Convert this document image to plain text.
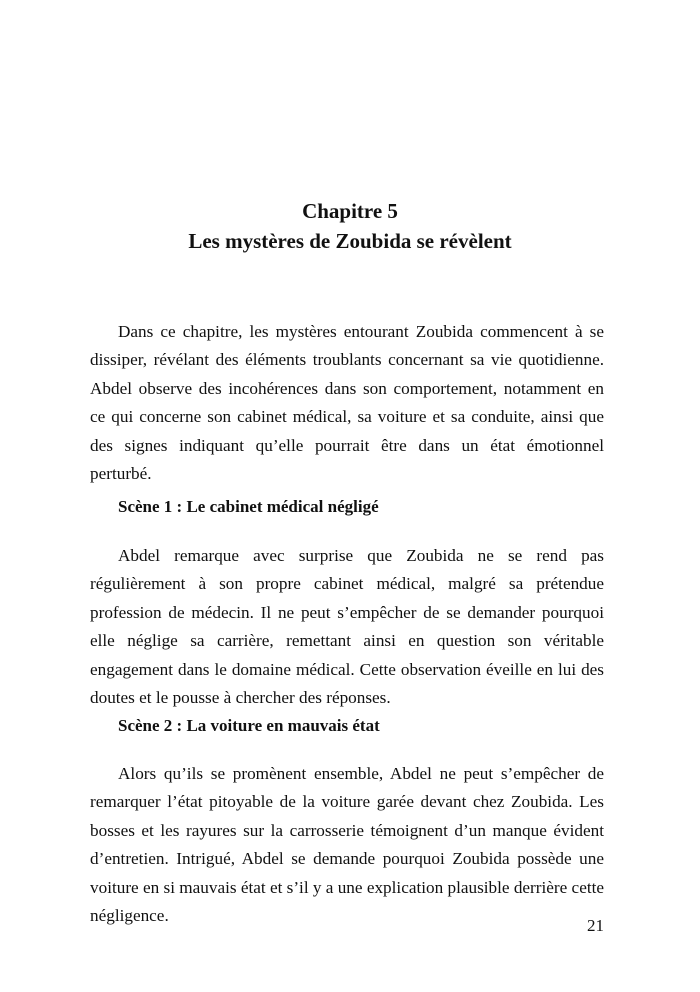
Chapitre 5
Les mystères de Zoubida se révèlent

Dans ce chapitre, les mystères entourant Zoubida commencent à se dissiper, révélant des éléments troublants concernant sa vie quotidienne. Abdel observe des incohérences dans son comportement, notamment en ce qui concerne son cabinet médical, sa voiture et sa conduite, ainsi que des signes indiquant qu’elle pourrait être dans un état émotionnel perturbé.

Scène 1 : Le cabinet médical négligé

Abdel remarque avec surprise que Zoubida ne se rend pas régulièrement à son propre cabinet médical, malgré sa prétendue profession de médecin. Il ne peut s’empêcher de se demander pourquoi elle néglige sa carrière, remettant ainsi en question son véritable engagement dans le domaine médical. Cette observation éveille en lui des doutes et le pousse à chercher des réponses.

Scène 2 : La voiture en mauvais état

Alors qu’ils se promènent ensemble, Abdel ne peut s’empêcher de remarquer l’état pitoyable de la voiture garée devant chez Zoubida. Les bosses et les rayures sur la carrosserie témoignent d’un manque évident d’entretien. Intrigué, Abdel se demande pourquoi Zoubida possède une voiture en si mauvais état et s’il y a une explication plausible derrière cette négligence.

21
